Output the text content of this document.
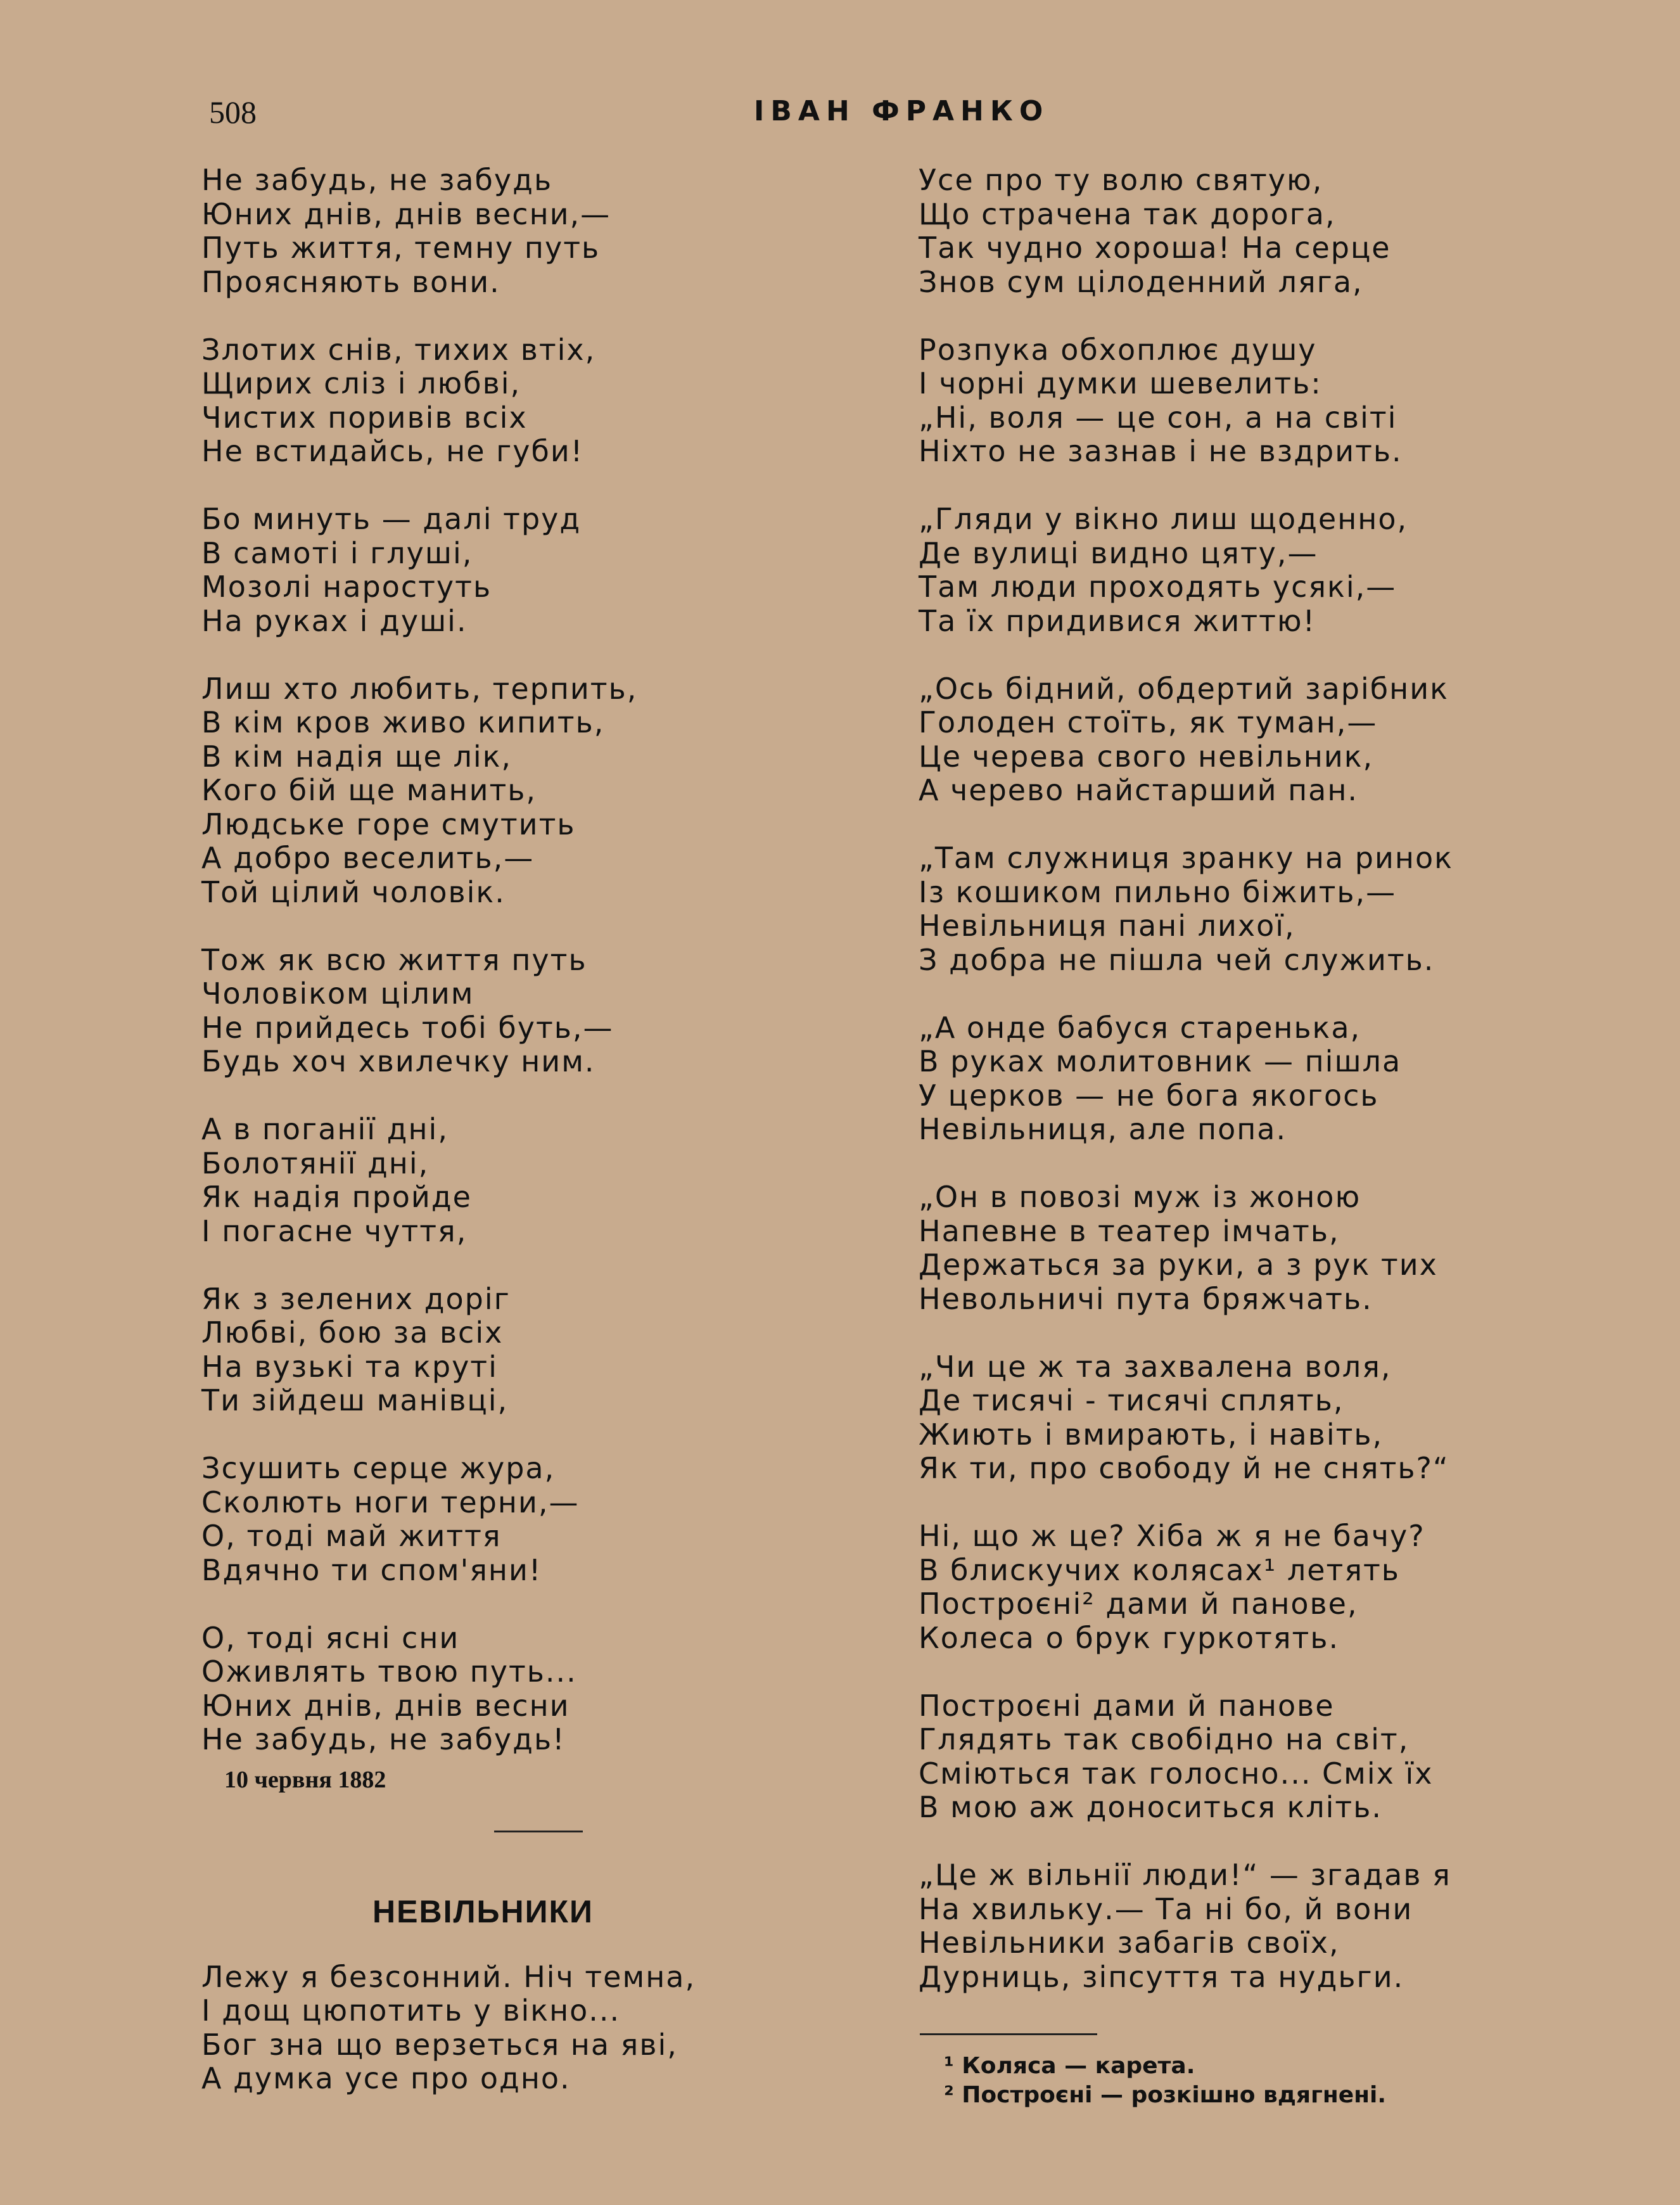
508	ІВАН ФРАНКО
Не забудь, не забудь
Юних днів, днів весни,—
Путь життя, темну путь
Проясняють вони.
Злотих снів, тихих втіх,
Щирих сліз і любві,
Чистих поривів всіх
Не встидайсь, не губи!
Бо минуть — далі труд
В самоті і глуші,
Мозолі наростуть
На руках і душі.
Лиш хто любить, терпить,
В кім кров живо кипить,
В кім надія ще лік,
Кого бій ще манить,
Людське горе смутить
А добро веселить,—
Той цілий чоловік.
Тож як всю життя путь
Чоловіком цілим
Не прийдесь тобі буть,—
Будь хоч хвилечку ним.
А в поганії дні,
Болотянії дні,
Як надія пройде
І погасне чуття,
Як з зелених доріг
Любві, бою за всіх
На вузькі та круті
Ти зійдеш манівці,
Зсушить серце жура,
Сколють ноги терни,—
О, тоді май життя
Вдячно ти спом'яни!
О, тоді ясні сни
Оживлять твою путь...
Юних днів, днів весни
Не забудь, не забудь!
10 червня 1882
НЕВІЛЬНИКИ
Лежу я безсонний. Ніч темна,
І дощ цюпотить у вікно...
Бог зна що верзеться на яві,
А думка усе про одно.
Усе про ту волю святую,
Що страчена так дорога,
Так чудно хороша! На серце
Знов сум цілоденний ляга,
Розпука обхоплює душу
І чорні думки шевелить:
„Ні, воля — це сон, а на світі
Ніхто не зазнав і не вздрить.
„Гляди у вікно лиш щоденно,
Де вулиці видно цяту,—
Там люди проходять усякі,—
Та їх придивися життю!
„Ось бідний, обдертий зарібник
Голоден стоїть, як туман,—
Це черева свого невільник,
А черево найстарший пан.
„Там служниця зранку на ринок
Із кошиком пильно біжить,—
Невільниця пані лихої,
З добра не пішла чей служить.
„А онде бабуся старенька,
В руках молитовник — пішла
У церков — не бога якогось
Невільниця, але попа.
„Он в повозі муж із жоною
Напевне в театер імчать,
Держаться за руки, а з рук тих
Невольничі пута бряжчать.
„Чи це ж та захвалена воля,
Де тисячі - тисячі сплять,
Жиють і вмирають, і навіть,
Як ти, про свободу й не снять?“
Ні, що ж це? Хіба ж я не бачу?
В блискучих колясах¹ летять
Построєні² дами й панове,
Колеса о брук гуркотять.
Построєні дами й панове
Глядять так свобідно на світ,
Сміються так голосно... Сміх їх
В мою аж доноситься кліть.
„Це ж вільнії люди!“ — згадав я
На хвильку.— Та ні бо, й вони
Невільники забагів своїх,
Дурниць, зіпсуття та нудьги.
¹ Коляса — карета.
² Построєні — розкішно вдягнені.
